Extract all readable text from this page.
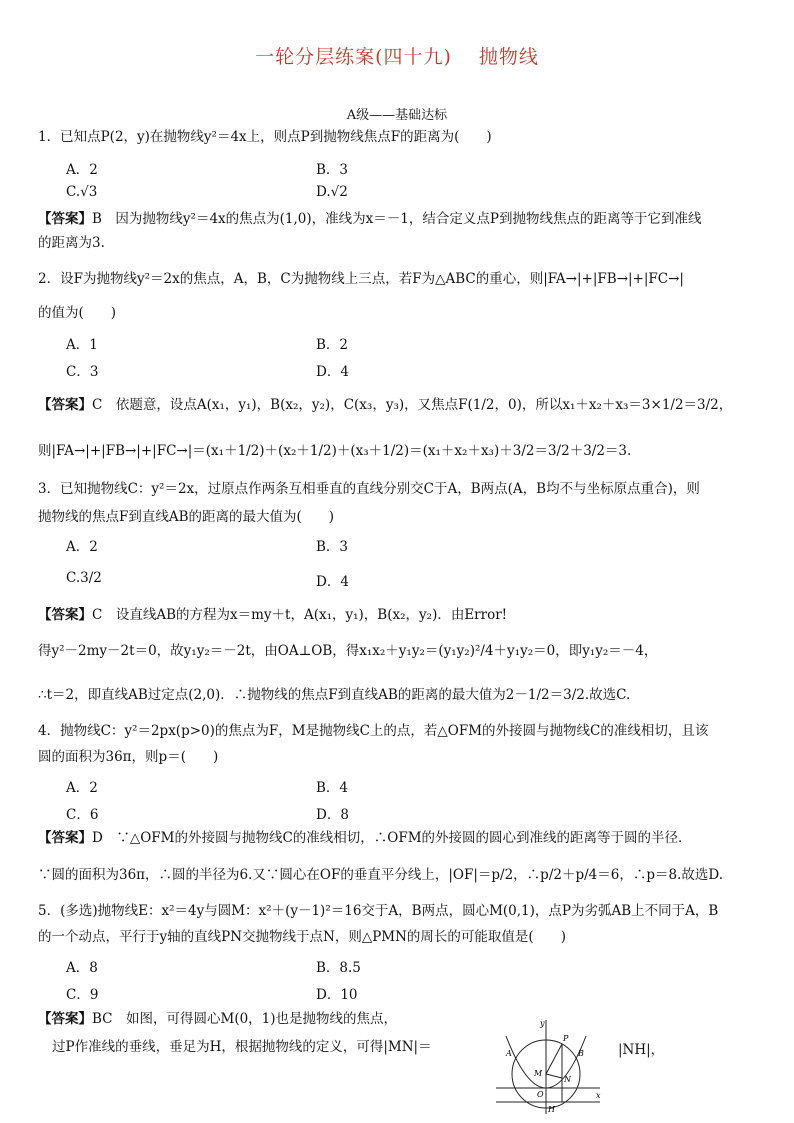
一轮分层练案(四十九)　 抛物线
A级——基础达标
1．已知点P(2，y)在抛物线y²＝4x上，则点P到抛物线焦点F的距离为(　　)
A．2	B．3
C.√3	D.√2
【答案】B　因为抛物线y²＝4x的焦点为(1,0)，准线为x＝－1，结合定义点P到抛物线焦点的距离等于它到准线
的距离为3.
2．设F为抛物线y²＝2x的焦点，A，B，C为抛物线上三点，若F为△ABC的重心，则|FA→|+|FB→|+|FC→|
的值为(　　)
A．1	B．2
C．3	D．4
【答案】C　依题意，设点A(x₁，y₁)，B(x₂，y₂)，C(x₃，y₃)，又焦点F(1/2，0)，所以x₁＋x₂＋x₃＝3×1/2＝3/2，
则|FA→|+|FB→|+|FC→|＝(x₁＋1/2)＋(x₂＋1/2)＋(x₃＋1/2)＝(x₁＋x₂＋x₃)＋3/2＝3/2＋3/2＝3.
3．已知抛物线C：y²＝2x，过原点作两条互相垂直的直线分别交C于A，B两点(A，B均不与坐标原点重合)，则
抛物线的焦点F到直线AB的距离的最大值为(　　)
A．2	B．3
C.3/2	D．4
【答案】C　设直线AB的方程为x＝my＋t，A(x₁，y₁)，B(x₂，y₂)．由Error!
得y²－2my－2t＝0，故y₁y₂＝－2t，由OA⊥OB，得x₁x₂＋y₁y₂＝(y₁y₂)²/4＋y₁y₂＝0，即y₁y₂＝－4，
∴t＝2，即直线AB过定点(2,0)．∴抛物线的焦点F到直线AB的距离的最大值为2－1/2＝3/2.故选C.
4．抛物线C：y²＝2px(p>0)的焦点为F，M是抛物线C上的点，若△OFM的外接圆与抛物线C的准线相切，且该
圆的面积为36π，则p＝(　　)
A．2	B．4
C．6	D．8
【答案】D　∵△OFM的外接圆与抛物线C的准线相切，∴OFM的外接圆的圆心到准线的距离等于圆的半径．
∵圆的面积为36π，∴圆的半径为6.又∵圆心在OF的垂直平分线上，|OF|＝p/2，∴p/2＋p/4＝6，∴p＝8.故选D.
5．(多选)抛物线E：x²＝4y与圆M：x²＋(y－1)²＝16交于A，B两点，圆心M(0,1)，点P为劣弧AB上不同于A，B
的一个动点，平行于y轴的直线PN交抛物线于点N，则△PMN的周长的可能取值是(　　)
A．8	B．8.5
C．9	D．10
【答案】BC　如图，可得圆心M(0，1)也是抛物线的焦点，
过P作准线的垂线，垂足为H，根据抛物线的定义，可得|MN|＝	|NH|，
y
x
O
P
A	B
M
N
H
